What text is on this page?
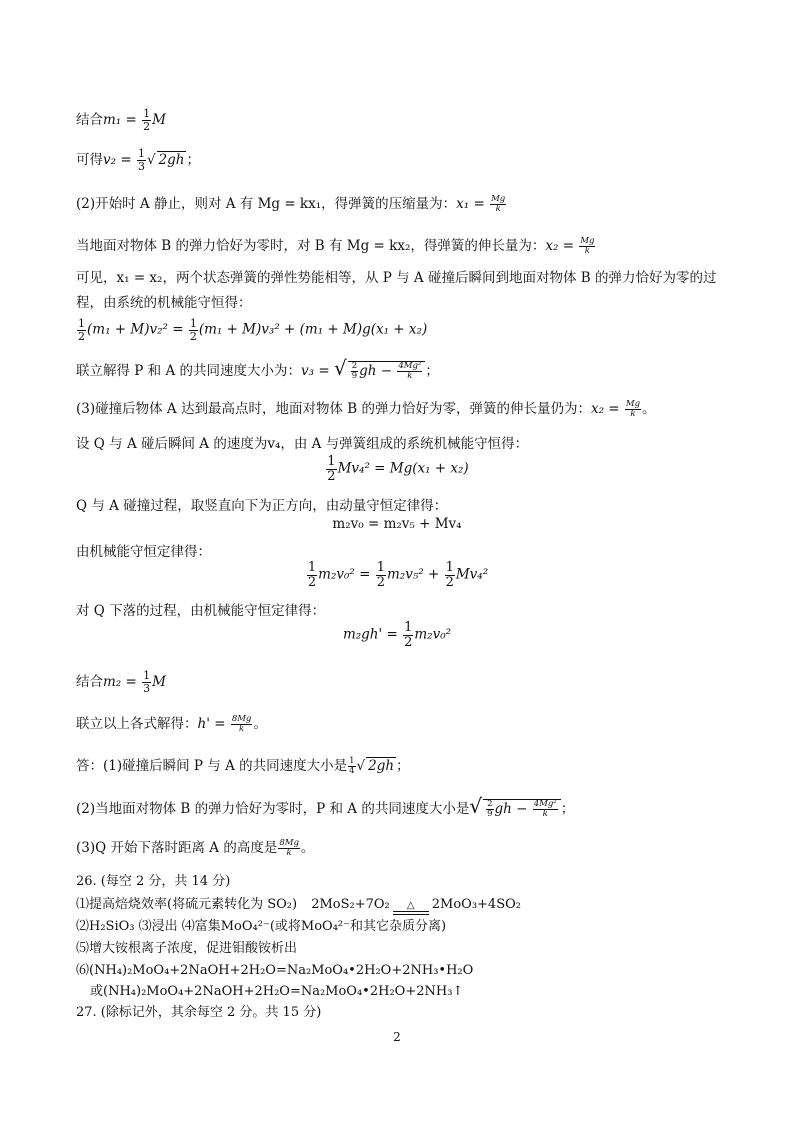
结合$m_1 = \frac{1}{2}$ M
可得$v_2 = \frac{1}{3}$ √ 2gh ；
(2)开始时 A 静止，则对 A 有 Mg = kx₁，得弹簧的压缩量为：$x_1 = \frac{Mg}{k}$
当地面对物体 B 的弹力恰好为零时，对 B 有 Mg = kx₂，得弹簧的伸长量为：$x_2 = \frac{Mg}{k}$
可见，x₁ = x₂，两个状态弹簧的弹性势能相等，从 P 与 A 碰撞后瞬间到地面对物体 B 的弹力恰好为零的过
程，由系统的机械能守恒得：
$\frac{1}{2} (m_1 + M)v_2^2 = \frac{1}{2} (m_1 + M)v_3^2 + (m_1 + M)g(x_1 + x_2)$
联立解得 P 和 A 的共同速度大小为：v₃ = √ $\frac{2}{9}$ gh − $\frac{\text{4Mg²}}{k}$ ；
(3)碰撞后物体 A 达到最高点时，地面对物体 B 的弹力恰好为零，弹簧的伸长量仍为：$x_2 = \frac{Mg}{k}$ 。
设 Q 与 A 碰后瞬间 A 的速度为v₄，由 A 与弹簧组成的系统机械能守恒得：
$\frac{1}{2} Mv_4^2 = Mg(x_1 + x_2)$
Q 与 A 碰撞过程，取竖直向下为正方向，由动量守恒定律得：
m₂v₀ = m₂v₅ + Mv₄
由机械能守恒定律得：
$\frac{1}{2} m_2v_0^2 = \frac{1}{2} m_2v_5^2 + \frac{1}{2} Mv_4^2$
对 Q 下落的过程，由机械能守恒定律得：
$m_2gh' = \frac{1}{2} m_2v_0^2$
结合$m_2 = \frac{1}{3}$ M
联立以上各式解得：$h' = \frac{8Mg}{k}$ 。
答：(1)碰撞后瞬间 P 与 A 的共同速度大小是 $\frac{1}{4}$ √ 2gh ；
(2)当地面对物体 B 的弹力恰好为零时，P 和 A 的共同速度大小是√ $\frac{2}{9}$ gh − $\frac{\text{4Mg²}}{k}$ ；
(3)Q 开始下落时距离 A 的高度是 $\frac{8Mg}{k}$ 。
26. (每空 2 分，共 14 分)
⑴提高焙烧效率(将硫元素转化为 SO₂) 2MoS₂+7O₂	△	2MoO₃+4SO₂
⑵H₂SiO₃ ⑶浸出 ⑷富集MoO₄²⁻(或将MoO₄²⁻和其它杂质分离)
⑸增大铵根离子浓度，促进钼酸铵析出
⑹(NH₄)₂MoO₄+2NaOH+2H₂O=Na₂MoO₄•2H₂O+2NH₃•H₂O
或(NH₄)₂MoO₄+2NaOH+2H₂O=Na₂MoO₄•2H₂O+2NH₃↑
27. (除标记外，其余每空 2 分。共 15 分)
2
